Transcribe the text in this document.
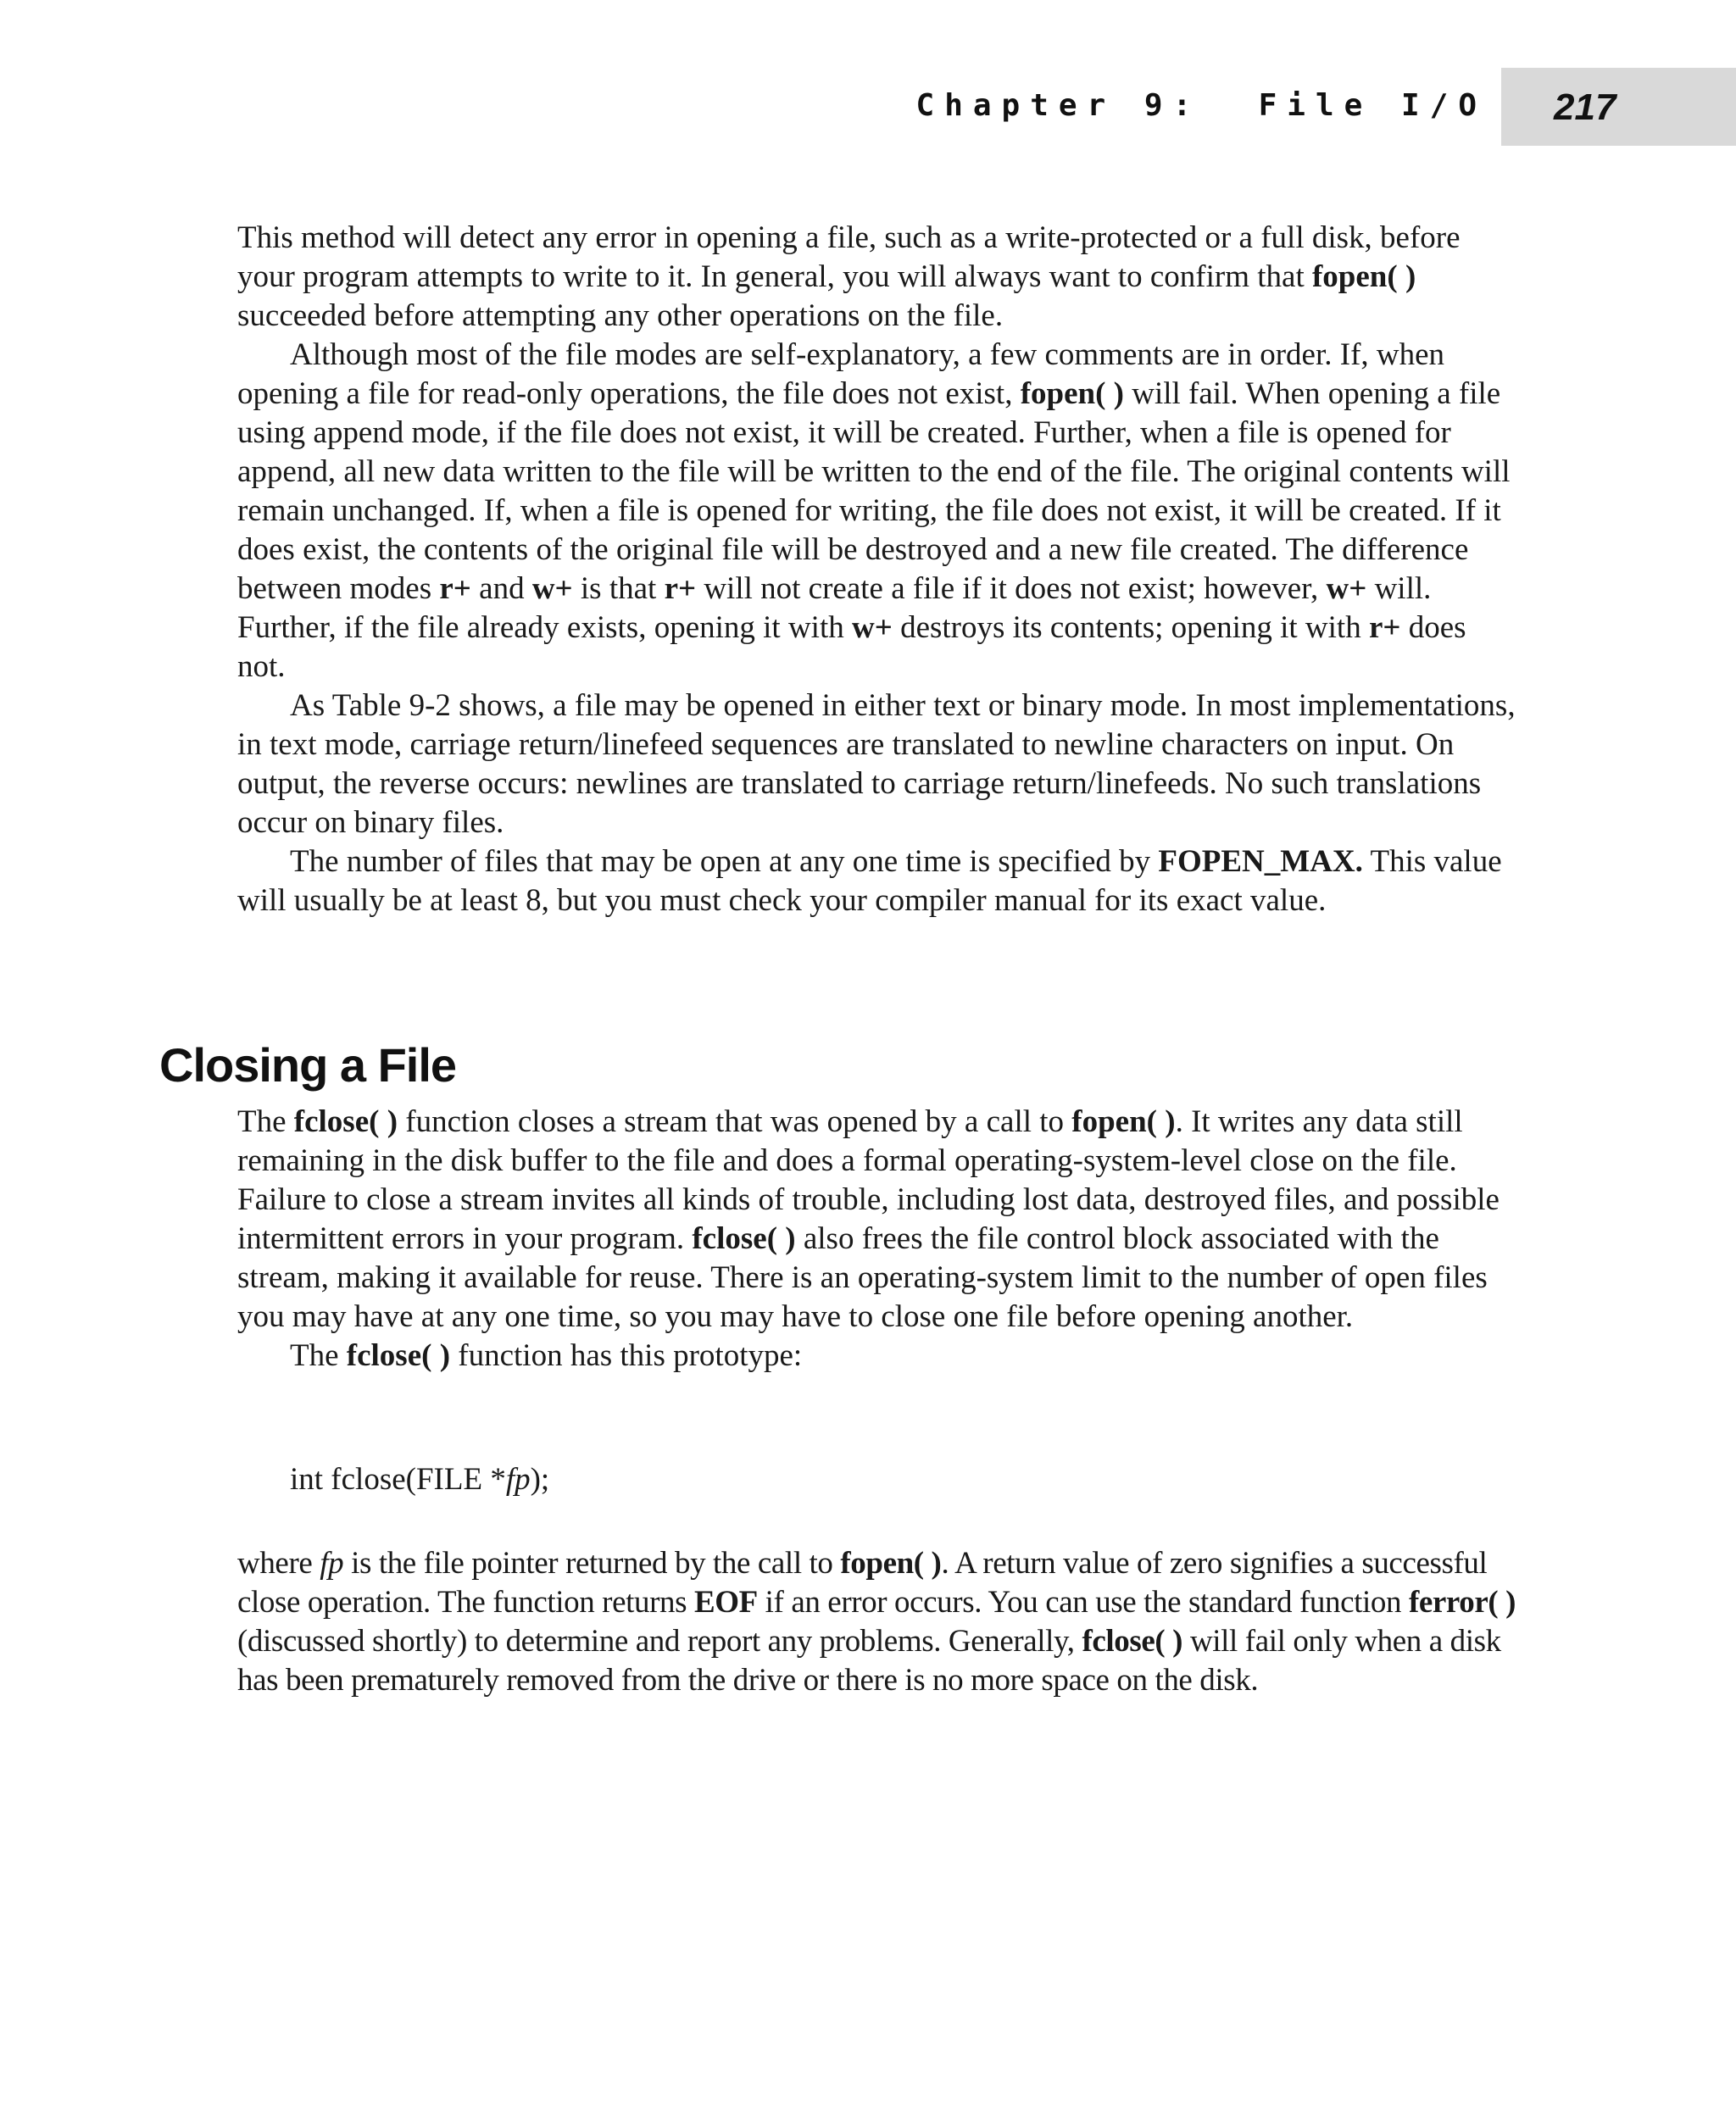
Chapter 9:  File I/O 217

This method will detect any error in opening a file, such as a write-protected or a full disk, before your program attempts to write to it. In general, you will always want to confirm that fopen( ) succeeded before attempting any other operations on the file.

Although most of the file modes are self-explanatory, a few comments are in order. If, when opening a file for read-only operations, the file does not exist, fopen( ) will fail. When opening a file using append mode, if the file does not exist, it will be created. Further, when a file is opened for append, all new data written to the file will be written to the end of the file. The original contents will remain unchanged. If, when a file is opened for writing, the file does not exist, it will be created. If it does exist, the contents of the original file will be destroyed and a new file created. The difference between modes r+ and w+ is that r+ will not create a file if it does not exist; however, w+ will. Further, if the file already exists, opening it with w+ destroys its contents; opening it with r+ does not.

As Table 9-2 shows, a file may be opened in either text or binary mode. In most implementations, in text mode, carriage return/linefeed sequences are translated to newline characters on input. On output, the reverse occurs: newlines are translated to carriage return/linefeeds. No such translations occur on binary files.

The number of files that may be open at any one time is specified by FOPEN_MAX. This value will usually be at least 8, but you must check your compiler manual for its exact value.

Closing a File

The fclose( ) function closes a stream that was opened by a call to fopen( ). It writes any data still remaining in the disk buffer to the file and does a formal operating-system-level close on the file. Failure to close a stream invites all kinds of trouble, including lost data, destroyed files, and possible intermittent errors in your program. fclose( ) also frees the file control block associated with the stream, making it available for reuse. There is an operating-system limit to the number of open files you may have at any one time, so you may have to close one file before opening another.

The fclose( ) function has this prototype:

int fclose(FILE *fp);

where fp is the file pointer returned by the call to fopen( ). A return value of zero signifies a successful close operation. The function returns EOF if an error occurs. You can use the standard function ferror( ) (discussed shortly) to determine and report any problems. Generally, fclose( ) will fail only when a disk has been prematurely removed from the drive or there is no more space on the disk.
